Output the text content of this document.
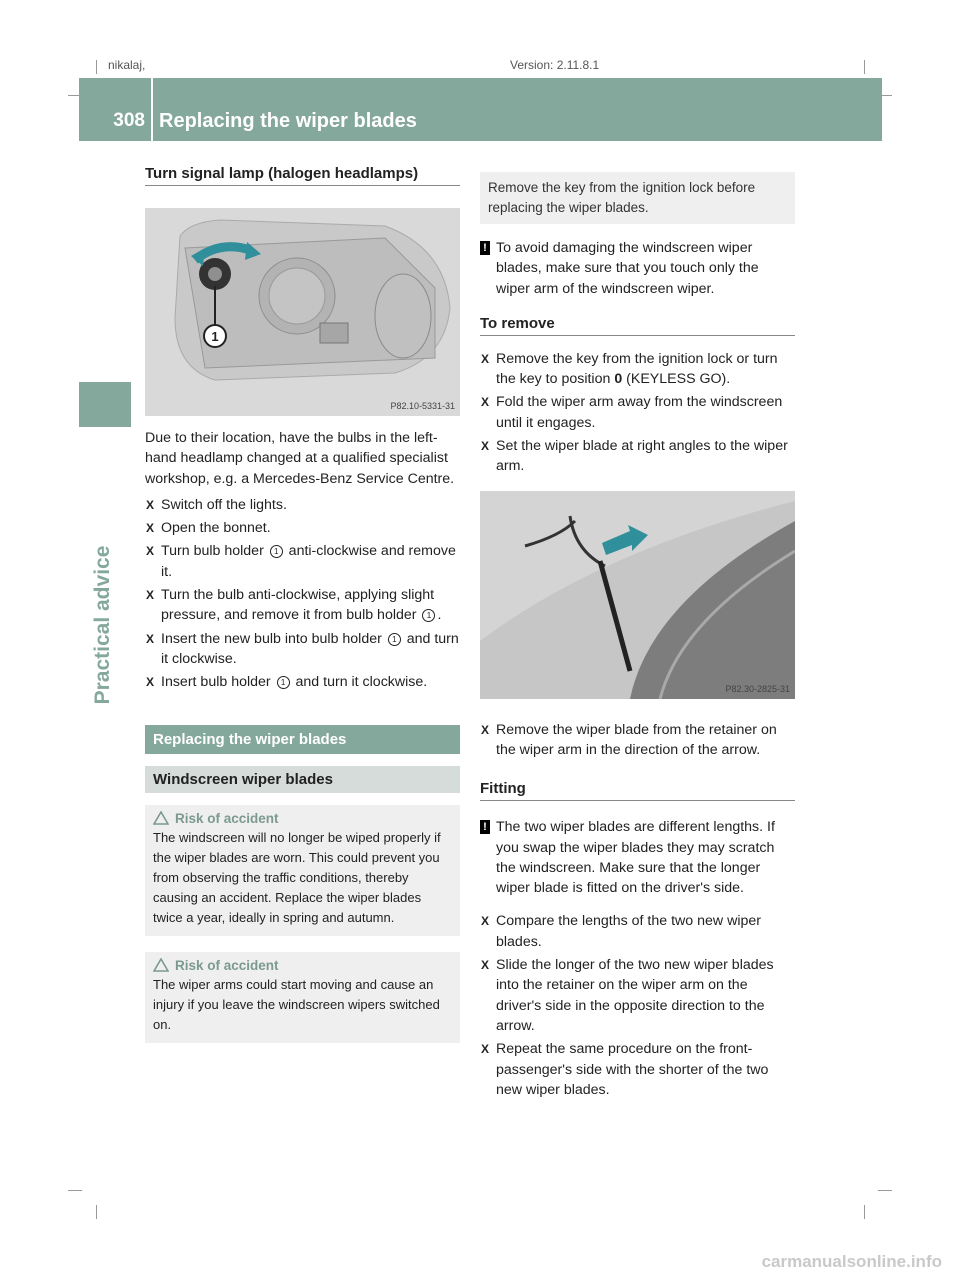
nikalaj,	Version: 2.11.8.1
308 Replacing the wiper blades
Practical advice
Turn signal lamp (halogen headlamps)
1
P82.10-5331-31

Due to their location, have the bulbs in the left-hand headlamp changed at a qualified specialist workshop, e.g. a Mercedes-Benz Service Centre.

X Switch off the lights.
X Open the bonnet.
X Turn bulb holder 1 anti-clockwise and remove it.
X Turn the bulb anti-clockwise, applying slight pressure, and remove it from bulb holder 1 .
X Insert the new bulb into bulb holder 1 and turn it clockwise.
X Insert bulb holder 1 and turn it clockwise.
Replacing the wiper blades
Windscreen wiper blades
Risk of accident

The windscreen will no longer be wiped properly if the wiper blades are worn. This could prevent you from observing the traffic conditions, thereby causing an accident. Replace the wiper blades twice a year, ideally in spring and autumn.

Risk of accident

The wiper arms could start moving and cause an injury if you leave the windscreen wipers switched on.

Remove the key from the ignition lock before replacing the wiper blades.
! To avoid damaging the windscreen wiper blades, make sure that you touch only the wiper arm of the windscreen wiper.
To remove
X Remove the key from the ignition lock or turn the key to position 0 (KEYLESS GO).
X Fold the wiper arm away from the windscreen until it engages.
X Set the wiper blade at right angles to the wiper arm.
P82.30-2825-31
X Remove the wiper blade from the retainer on the wiper arm in the direction of the arrow.
Fitting
! The two wiper blades are different lengths. If you swap the wiper blades they may scratch the windscreen. Make sure that the longer wiper blade is fitted on the driver's side.
X Compare the lengths of the two new wiper blades.
X Slide the longer of the two new wiper blades into the retainer on the wiper arm on the driver's side in the opposite direction to the arrow.
X Repeat the same procedure on the front-passenger's side with the shorter of the two new wiper blades.
carmanualsonline.info
